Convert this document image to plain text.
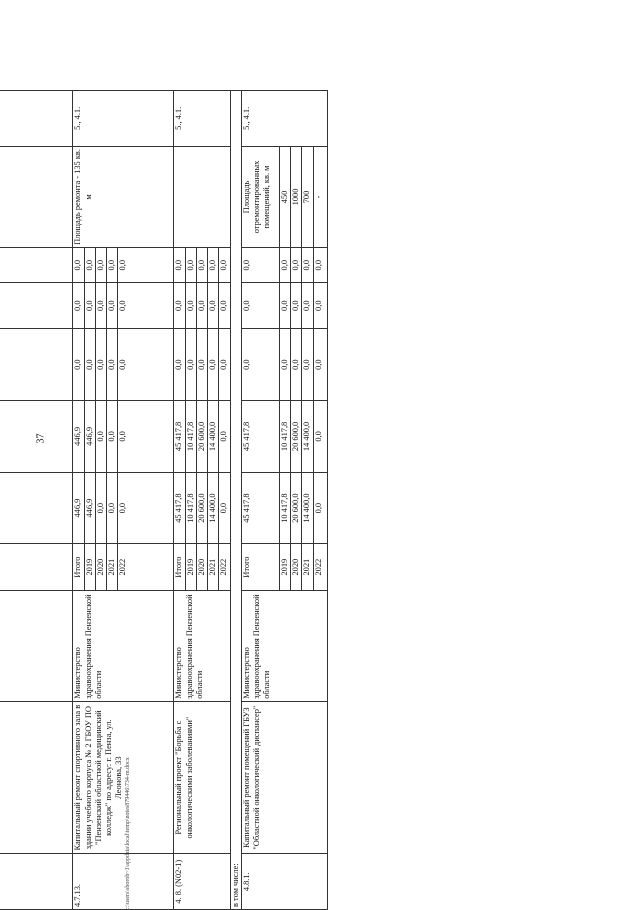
37
c:\users\sborob~1\appdata\local\temp\notes879446\734-m.docx

4.7.13.	Капитальный ремонт спортивного зала в здании учебного корпуса № 2 ГБОУ ПО "Пензенский областной медицинский колледж" по адресу: г. Пенза, ул. Леонова, 33	Министерство здравоохранения Пензенской области	Итого	446,9	446,9	0,0	0,0	0,0	Площадь ремонта - 135 кв. м	5., 4.1.
			2019	446,9	446,9	0,0	0,0	0,0		
			2020	0,0	0,0	0,0	0,0	0,0		
			2021	0,0	0,0	0,0	0,0	0,0		
			2022	0,0	0,0	0,0	0,0	0,0		
4. 8. (N02-1)	Региональный проект "Борьба с онкологическими заболеваниями"	Министерство здравоохранения Пензенской области	Итого	45 417,8	45 417,8	0,0	0,0	0,0		5., 4.1.
			2019	10 417,8	10 417,8	0,0	0,0	0,0		
			2020	20 600,0	20 600,0	0,0	0,0	0,0		
			2021	14 400,0	14 400,0	0,0	0,0	0,0		
			2022	0,0	0,0	0,0	0,0	0,0		
в том числе:										
4.8.1.	Капитальный ремонт помещений ГБУЗ "Областной онкологический диспансер"	Министерство здравоохранения Пензенской области	Итого	45 417,8	45 417,8	0,0	0,0	0,0	Площадь отремонтированных помещений, кв. м	5., 4.1.
			2019	10 417,8	10 417,8	0,0	0,0	0,0	450	
			2020	20 600,0	20 600,0	0,0	0,0	0,0	1000	
			2021	14 400,0	14 400,0	0,0	0,0	0,0	700	
			2022	0,0	0,0	0,0	0,0	0,0	-	
